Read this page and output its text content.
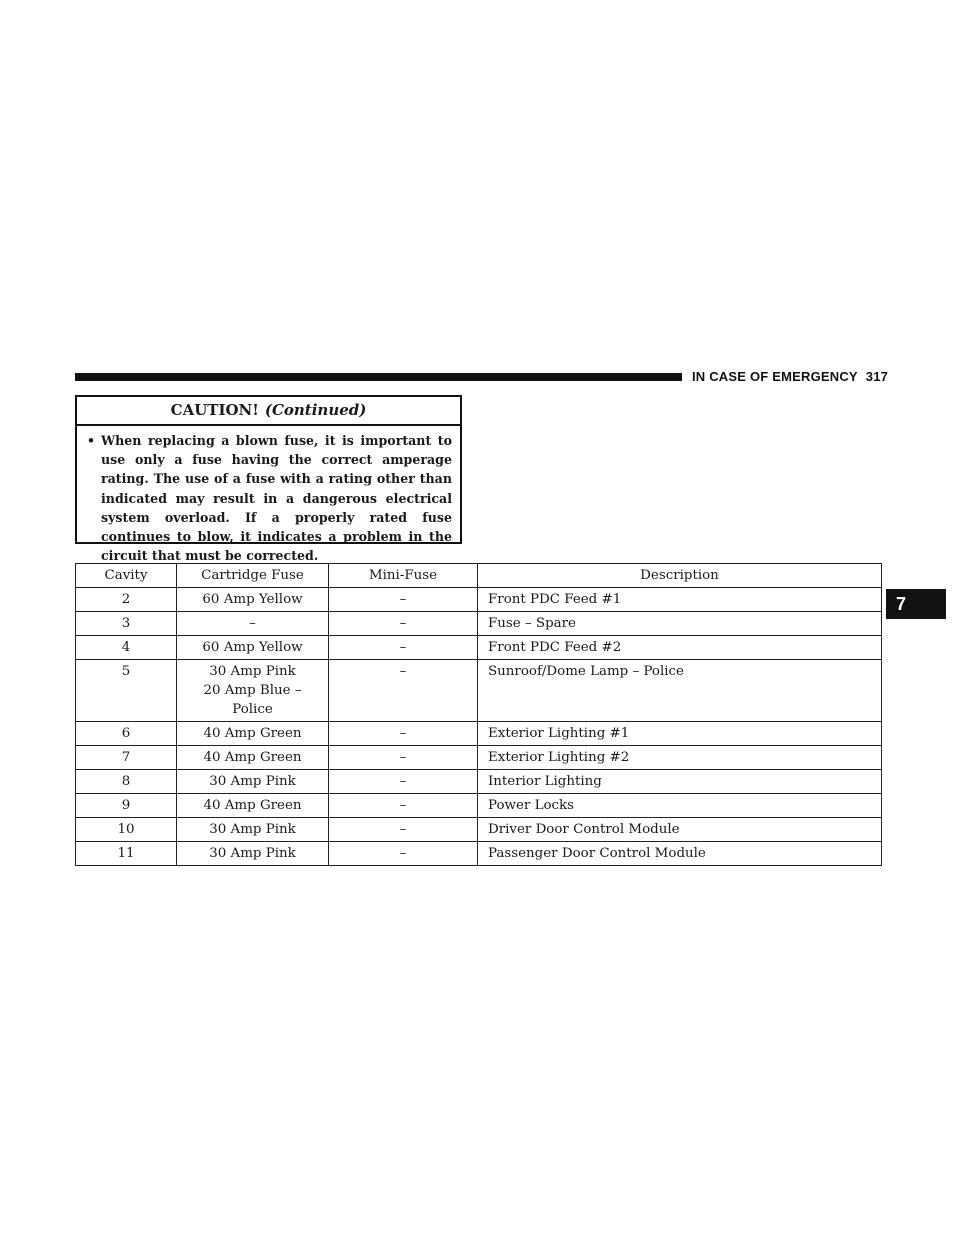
IN CASE OF EMERGENCY 317
7
CAUTION! (Continued)
• When replacing a blown fuse, it is important to use only a fuse having the correct amperage rating. The use of a fuse with a rating other than indicated may result in a dangerous electrical system overload. If a properly rated fuse continues to blow, it indicates a problem in the circuit that must be corrected.
Cavity	Cartridge Fuse	Mini-Fuse	Description
2	60 Amp Yellow	–	Front PDC Feed #1
3	–	–	Fuse – Spare
4	60 Amp Yellow	–	Front PDC Feed #2
5	30 Amp Pink
20 Amp Blue –
Police	–	Sunroof/Dome Lamp – Police
6	40 Amp Green	–	Exterior Lighting #1
7	40 Amp Green	–	Exterior Lighting #2
8	30 Amp Pink	–	Interior Lighting
9	40 Amp Green	–	Power Locks
10	30 Amp Pink	–	Driver Door Control Module
11	30 Amp Pink	–	Passenger Door Control Module
